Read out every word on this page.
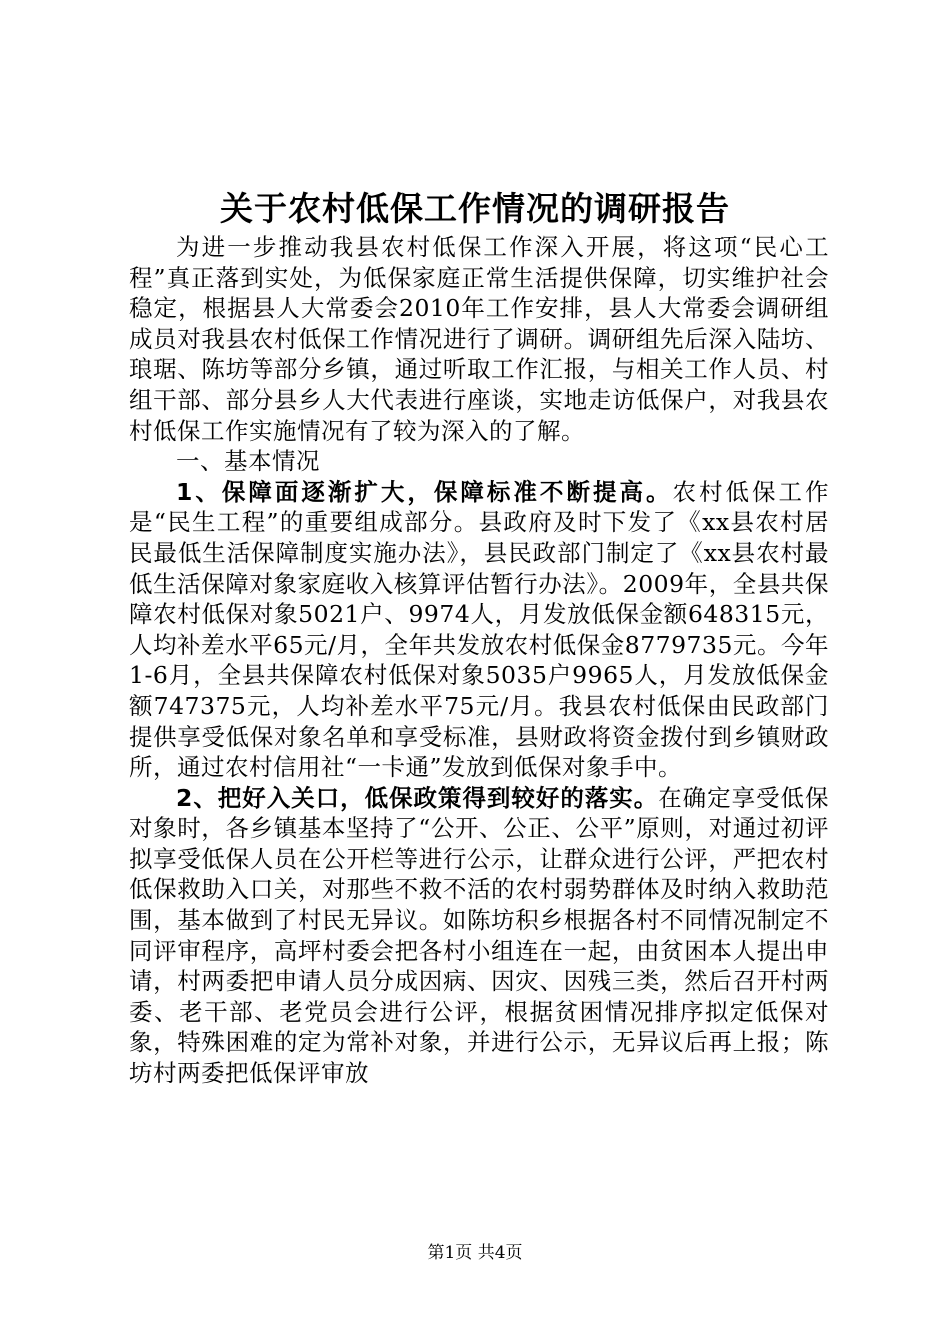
关于农村低保工作情况的调研报告

为进一步推动我县农村低保工作深入开展，将这项“民心工程”真正落到实处，为低保家庭正常生活提供保障，切实维护社会稳定，根据县人大常委会2010年工作安排，县人大常委会调研组成员对我县农村低保工作情况进行了调研。调研组先后深入陆坊、琅琚、陈坊等部分乡镇，通过听取工作汇报，与相关工作人员、村组干部、部分县乡人大代表进行座谈，实地走访低保户，对我县农村低保工作实施情况有了较为深入的了解。

一、基本情况

1、保障面逐渐扩大，保障标准不断提高。农村低保工作是“民生工程”的重要组成部分。县政府及时下发了《xx县农村居民最低生活保障制度实施办法》，县民政部门制定了《xx县农村最低生活保障对象家庭收入核算评估暂行办法》。2009年，全县共保障农村低保对象5021户、9974人，月发放低保金额648315元，人均补差水平65元/月，全年共发放农村低保金8779735元。今年1-6月，全县共保障农村低保对象5035户9965人，月发放低保金额747375元，人均补差水平75元/月。我县农村低保由民政部门提供享受低保对象名单和享受标准，县财政将资金拨付到乡镇财政所，通过农村信用社“一卡通”发放到低保对象手中。

2、把好入关口，低保政策得到较好的落实。在确定享受低保对象时，各乡镇基本坚持了“公开、公正、公平”原则，对通过初评拟享受低保人员在公开栏等进行公示，让群众进行公评，严把农村低保救助入口关，对那些不救不活的农村弱势群体及时纳入救助范围，基本做到了村民无异议。如陈坊积乡根据各村不同情况制定不同评审程序，高坪村委会把各村小组连在一起，由贫困本人提出申请，村两委把申请人员分成因病、因灾、因残三类，然后召开村两委、老干部、老党员会进行公评，根据贫困情况排序拟定低保对象，特殊困难的定为常补对象，并进行公示，无异议后再上报；陈坊村两委把低保评审放

第1页 共4页
